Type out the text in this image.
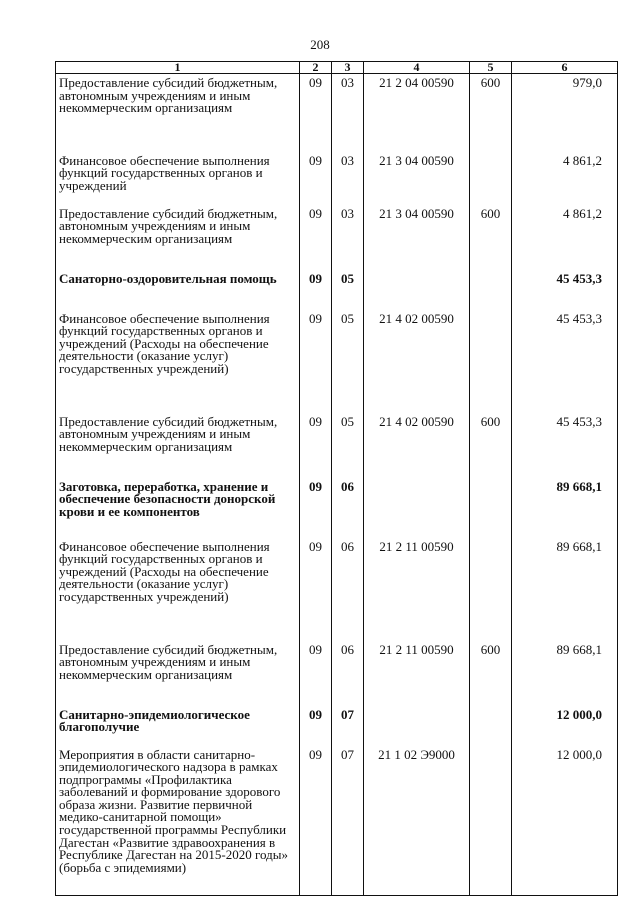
208
1	2	3	4	5	6
Предоставление субсидий бюджетным, автономным учреждениям и иным некоммерческим организациям	09	03	21 2 04 00590	600	979,0
Финансовое обеспечение выполнения функций государственных органов и учреждений	09	03	21 3 04 00590		4 861,2
Предоставление субсидий бюджетным, автономным учреждениям и иным некоммерческим организациям	09	03	21 3 04 00590	600	4 861,2
Санаторно-оздоровительная помощь	09	05			45 453,3
Финансовое обеспечение выполнения функций государственных органов и учреждений (Расходы на обеспечение деятельности (оказание услуг) государственных учреждений)	09	05	21 4 02 00590		45 453,3
Предоставление субсидий бюджетным, автономным учреждениям и иным некоммерческим организациям	09	05	21 4 02 00590	600	45 453,3
Заготовка, переработка, хранение и обеспечение безопасности донорской крови и ее компонентов	09	06			89 668,1
Финансовое обеспечение выполнения функций государственных органов и учреждений (Расходы на обеспечение деятельности (оказание услуг) государственных учреждений)	09	06	21 2 11 00590		89 668,1
Предоставление субсидий бюджетным, автономным учреждениям и иным некоммерческим организациям	09	06	21 2 11 00590	600	89 668,1
Санитарно-эпидемиологическое благополучие	09	07			12 000,0
Мероприятия в области санитарно-эпидемиологического надзора в рамках подпрограммы «Профилактика заболеваний и формирование здорового образа жизни. Развитие первичной медико-санитарной помощи» государственной программы Республики Дагестан «Развитие здравоохранения в Республике Дагестан на 2015-2020 годы» (борьба с эпидемиями)	09	07	21 1 02 Э9000		12 000,0
